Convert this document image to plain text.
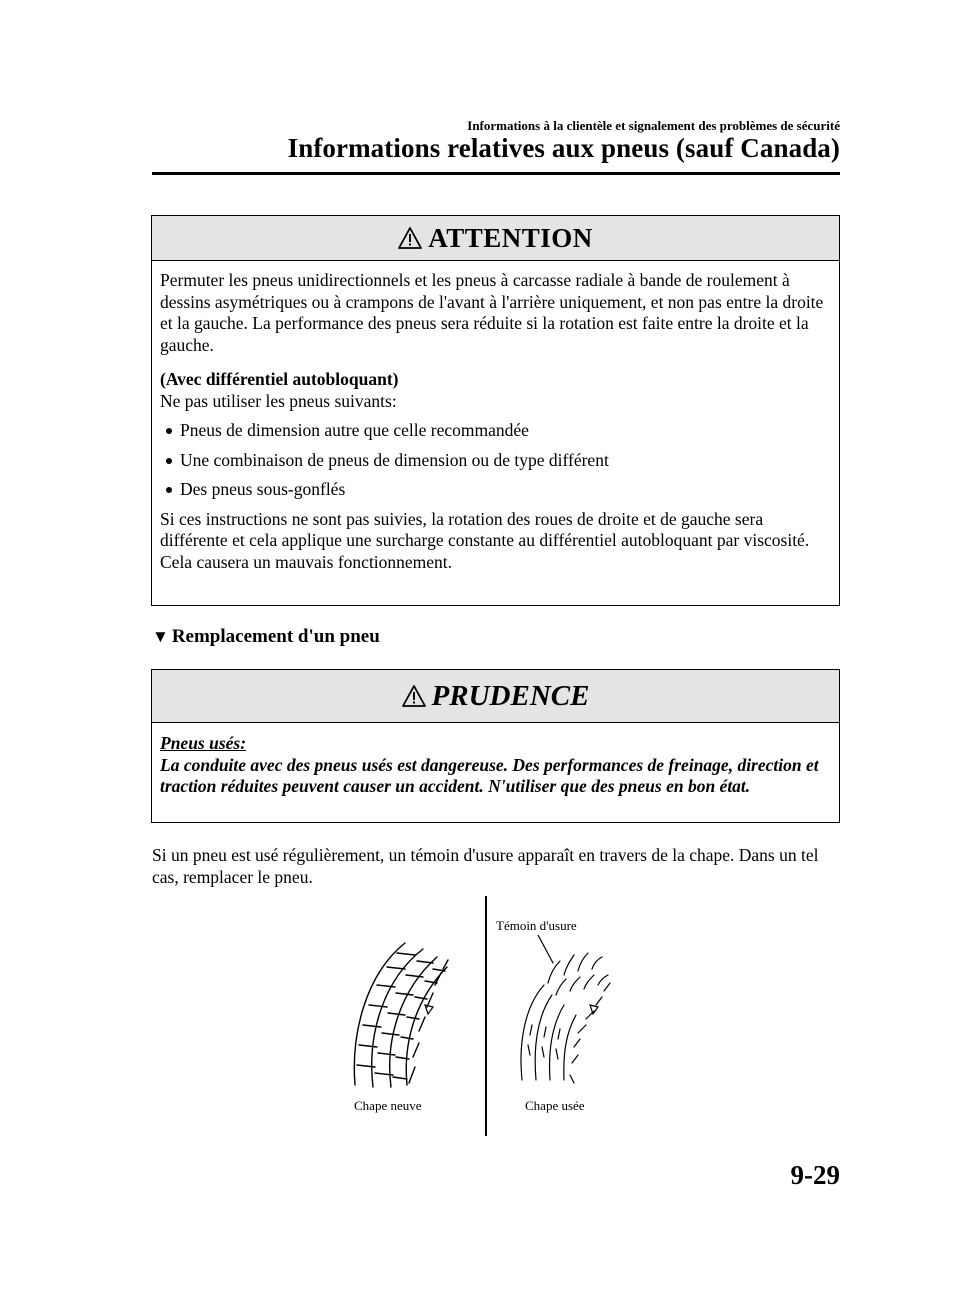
Informations à la clientèle et signalement des problèmes de sécurité
Informations relatives aux pneus (sauf Canada)
ATTENTION

Permuter les pneus unidirectionnels et les pneus à carcasse radiale à bande de roulement à dessins asymétriques ou à crampons de l'avant à l'arrière uniquement, et non pas entre la droite et la gauche. La performance des pneus sera réduite si la rotation est faite entre la droite et la gauche.

(Avec différentiel autobloquant)

Ne pas utiliser les pneus suivants:

Pneus de dimension autre que celle recommandée
Une combinaison de pneus de dimension ou de type différent
Des pneus sous-gonflés

Si ces instructions ne sont pas suivies, la rotation des roues de droite et de gauche sera différente et cela applique une surcharge constante au différentiel autobloquant par viscosité.

Cela causera un mauvais fonctionnement.

▼ Remplacement d'un pneu
PRUDENCE

Pneus usés:

La conduite avec des pneus usés est dangereuse. Des performances de freinage, direction et traction réduites peuvent causer un accident. N'utiliser que des pneus en bon état.

Si un pneu est usé régulièrement, un témoin d'usure apparaît en travers de la chape. Dans un tel cas, remplacer le pneu.
Témoin d'usure
Chape neuve	Chape usée
9-29
